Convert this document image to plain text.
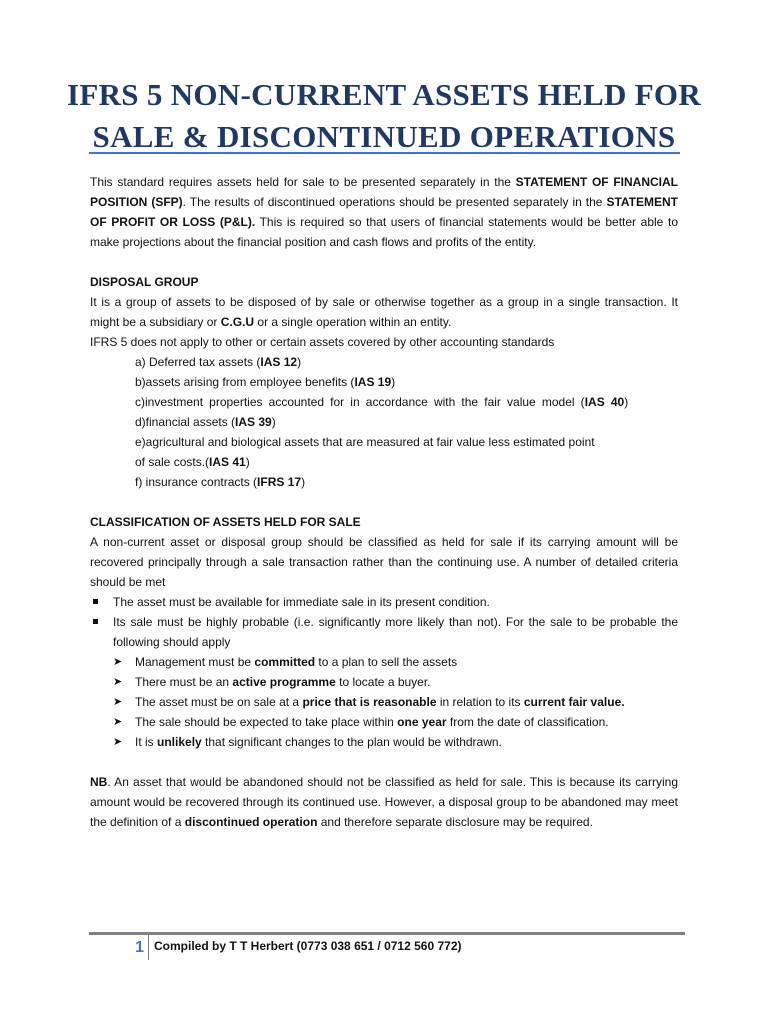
IFRS 5 NON-CURRENT ASSETS HELD FOR
SALE & DISCONTINUED OPERATIONS

This standard requires assets held for sale to be presented separately in the STATEMENT OF FINANCIAL POSITION (SFP). The results of discontinued operations should be presented separately in the STATEMENT OF PROFIT OR LOSS (P&L). This is required so that users of financial statements would be better able to make projections about the financial position and cash flows and profits of the entity.

DISPOSAL GROUP

It is a group of assets to be disposed of by sale or otherwise together as a group in a single transaction. It might be a subsidiary or C.G.U or a single operation within an entity.

IFRS 5 does not apply to other or certain assets covered by other accounting standards

a) Deferred tax assets (IAS 12)

b)assets arising from employee benefits (IAS 19)

c)investment properties accounted for in accordance with the fair value model (IAS 40)

d)financial assets (IAS 39)

e)agricultural and biological assets that are measured at fair value less estimated point

of sale costs.(IAS 41)

f) insurance contracts (IFRS 17)

CLASSIFICATION OF ASSETS HELD FOR SALE

A non-current asset or disposal group should be classified as held for sale if its carrying amount will be recovered principally through a sale transaction rather than the continuing use. A number of detailed criteria should be met

The asset must be available for immediate sale in its present condition.
Its sale must be highly probable (i.e. significantly more likely than not). For the sale to be probable the following should apply
➤	Management must be committed to a plan to sell the assets
➤	There must be an active programme to locate a buyer.
➤	The asset must be on sale at a price that is reasonable in relation to its current fair value.
➤	The sale should be expected to take place within one year from the date of classification.
➤	It is unlikely that significant changes to the plan would be withdrawn.

NB. An asset that would be abandoned should not be classified as held for sale. This is because its carrying amount would be recovered through its continued use. However, a disposal group to be abandoned may meet the definition of a discontinued operation and therefore separate disclosure may be required.

1 Compiled by T T Herbert (0773 038 651 / 0712 560 772)
